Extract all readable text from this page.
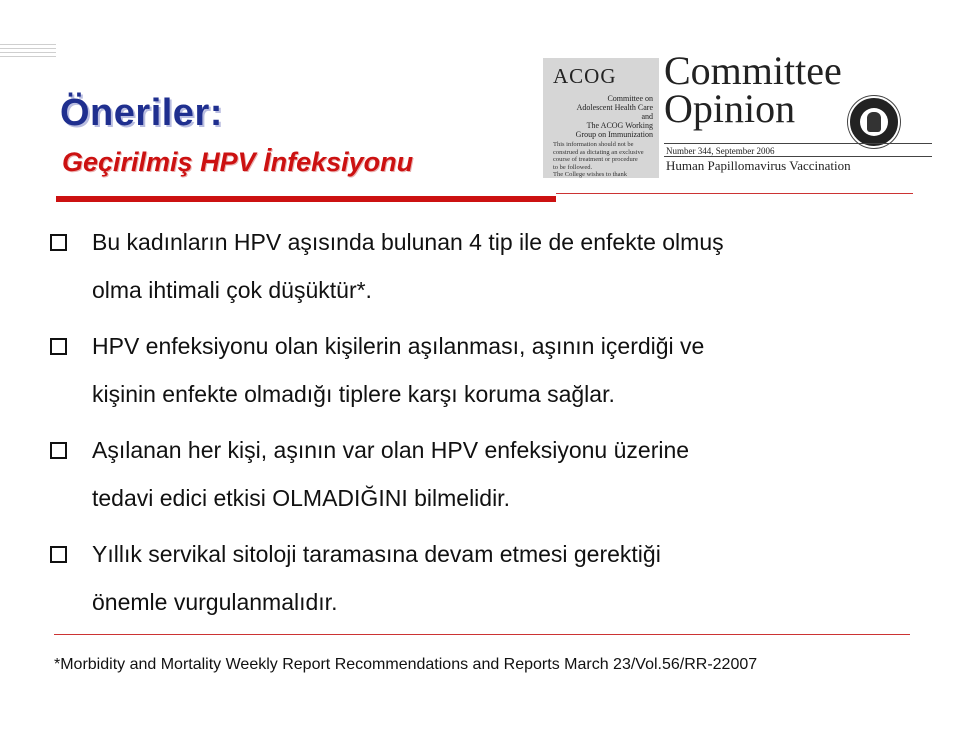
Öneriler:
Geçirilmiş HPV İnfeksiyonu
ACOG
Committee on
Adolescent Health Care
and
The ACOG Working
Group on Immunization
This information should not be
construed as dictating an exclusive
course of treatment or procedure
to be followed.
The College wishes to thank
Committee
Opinion
Number 344, September 2006
Human Papillomavirus Vaccination
Bu kadınların HPV aşısında bulunan 4 tip ile de enfekte olmuş
olma ihtimali çok düşüktür*.
HPV enfeksiyonu olan kişilerin aşılanması, aşının içerdiği ve
kişinin enfekte olmadığı tiplere karşı koruma sağlar.
Aşılanan her kişi, aşının var olan HPV enfeksiyonu üzerine
tedavi edici etkisi OLMADIĞINI bilmelidir.
Yıllık servikal sitoloji taramasına devam etmesi gerektiği
önemle vurgulanmalıdır.
*Morbidity and Mortality Weekly Report Recommendations and Reports March 23/Vol.56/RR-22007
